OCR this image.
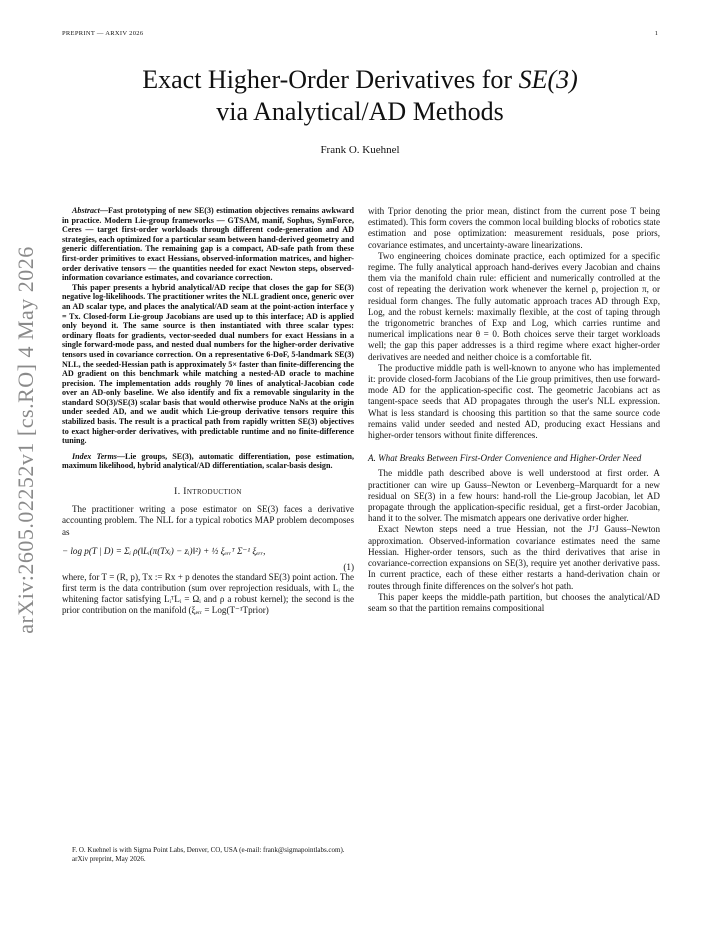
PREPRINT — ARXIV 2026	1
arXiv:2605.02252v1 [cs.RO] 4 May 2026
Exact Higher-Order Derivatives for SE(3)
via Analytical/AD Methods
Frank O. Kuehnel

Abstract—Fast prototyping of new SE(3) estimation objectives remains awkward in practice. Modern Lie-group frameworks — GTSAM, manif, Sophus, SymForce, Ceres — target first-order workloads through different code-generation and AD strategies, each optimized for a particular seam between hand-derived geometry and generic differentiation. The remaining gap is a compact, AD-safe path from these first-order primitives to exact Hessians, observed-information matrices, and higher-order derivative tensors — the quantities needed for exact Newton steps, observed-information covariance estimates, and covariance correction.

This paper presents a hybrid analytical/AD recipe that closes the gap for SE(3) negative log-likelihoods. The practitioner writes the NLL gradient once, generic over an AD scalar type, and places the analytical/AD seam at the point-action interface y = Tx. Closed-form Lie-group Jacobians are used up to this interface; AD is applied only beyond it. The same source is then instantiated with three scalar types: ordinary floats for gradients, vector-seeded dual numbers for exact Hessians in a single forward-mode pass, and nested dual numbers for the higher-order derivative tensors used in covariance correction. On a representative 6-DoF, 5-landmark SE(3) NLL, the seeded-Hessian path is approximately 5× faster than finite-differencing the AD gradient on this benchmark while matching a nested-AD oracle to machine precision. The implementation adds roughly 70 lines of analytical-Jacobian code over an AD-only baseline. We also identify and fix a removable singularity in the standard SO(3)/SE(3) scalar basis that would otherwise produce NaNs at the origin under seeded AD, and we audit which Lie-group derivative tensors require this stabilized basis. The result is a practical path from rapidly written SE(3) objectives to exact higher-order derivatives, with predictable runtime and no finite-difference tuning.

Index Terms—Lie groups, SE(3), automatic differentiation, pose estimation, maximum likelihood, hybrid analytical/AD differentiation, scalar-basis design.
I. Introduction

The practitioner writing a pose estimator on SE(3) faces a derivative accounting problem. The NLL for a typical robotics MAP problem decomposes as

− log p(T | D) = Σᵢ ρ(‖Lᵢ(π(Txᵢ) − zᵢ)‖²) + ½ ξₑᵣᵣᵀ Σ⁻¹ ξₑᵣᵣ,
(1)

where, for T = (R, p), Tx := Rx + p denotes the standard SE(3) point action. The first term is the data contribution (sum over reprojection residuals, with Lᵢ the whitening factor satisfying LᵢᵀLᵢ = Ωᵢ and ρ a robust kernel); the second is the prior contribution on the manifold (ξₑᵣᵣ = Log(T⁻¹Tprior)

with Tprior denoting the prior mean, distinct from the current pose T being estimated). This form covers the common local building blocks of robotics state estimation and pose optimization: measurement residuals, pose priors, covariance estimates, and uncertainty-aware linearizations.

Two engineering choices dominate practice, each optimized for a specific regime. The fully analytical approach hand-derives every Jacobian and chains them via the manifold chain rule: efficient and numerically controlled at the cost of repeating the derivation work whenever the kernel ρ, projection π, or residual form changes. The fully automatic approach traces AD through Exp, Log, and the robust kernels: maximally flexible, at the cost of taping through the trigonometric branches of Exp and Log, which carries runtime and numerical implications near θ = 0. Both choices serve their target workloads well; the gap this paper addresses is a third regime where exact higher-order derivatives are needed and neither choice is a comfortable fit.

The productive middle path is well-known to anyone who has implemented it: provide closed-form Jacobians of the Lie group primitives, then use forward-mode AD for the application-specific cost. The geometric Jacobians act as tangent-space seeds that AD propagates through the user's NLL expression. What is less standard is choosing this partition so that the same source code remains valid under seeded and nested AD, producing exact Hessians and higher-order tensors without finite differences.

A. What Breaks Between First-Order Convenience and Higher-Order Need

The middle path described above is well understood at first order. A practitioner can wire up Gauss–Newton or Levenberg–Marquardt for a new residual on SE(3) in a few hours: hand-roll the Lie-group Jacobian, let AD propagate through the application-specific residual, get a first-order Jacobian, hand it to the solver. The mismatch appears one derivative order higher.

Exact Newton steps need a true Hessian, not the JᵀJ Gauss–Newton approximation. Observed-information covariance estimates need the same Hessian. Higher-order tensors, such as the third derivatives that arise in covariance-correction expansions on SE(3), require yet another derivative pass. In current practice, each of these either restarts a hand-derivation chain or routes through finite differences on the solver's hot path.

This paper keeps the middle-path partition, but chooses the analytical/AD seam so that the partition remains compositional

F. O. Kuehnel is with Sigma Point Labs, Denver, CO, USA (e-mail: frank@sigmapointlabs.com).

arXiv preprint, May 2026.
